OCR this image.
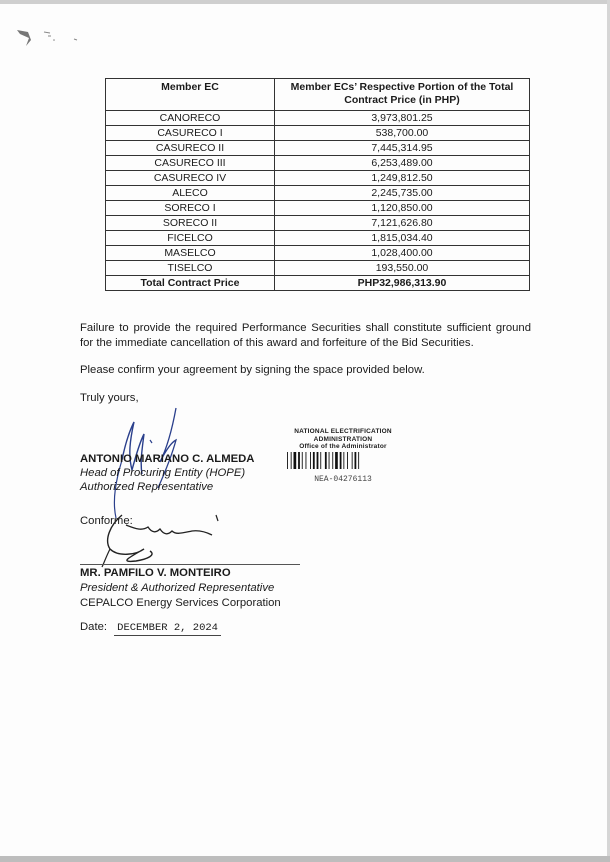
Member EC	Member ECs’ Respective Portion of the Total Contract Price (in PHP)
CANORECO	3,973,801.25
CASURECO I	538,700.00
CASURECO II	7,445,314.95
CASURECO III	6,253,489.00
CASURECO IV	1,249,812.50
ALECO	2,245,735.00
SORECO I	1,120,850.00
SORECO II	7,121,626.80
FICELCO	1,815,034.40
MASELCO	1,028,400.00
TISELCO	193,550.00
Total Contract Price	PHP32,986,313.90
Failure to provide the required Performance Securities shall constitute sufficient ground for the immediate cancellation of this award and forfeiture of the Bid Securities.
Please confirm your agreement by signing the space provided below.
Truly yours,
ANTONIO MARIANO C. ALMEDA
Head of Procuring Entity (HOPE)
Authorized Representative
NATIONAL ELECTRIFICATION
ADMINISTRATION
Office of the Administrator
NEA-04276113
Conforme:
MR. PAMFILO V. MONTEIRO
President & Authorized Representative
CEPALCO Energy Services Corporation
Date: DECEMBER 2, 2024
